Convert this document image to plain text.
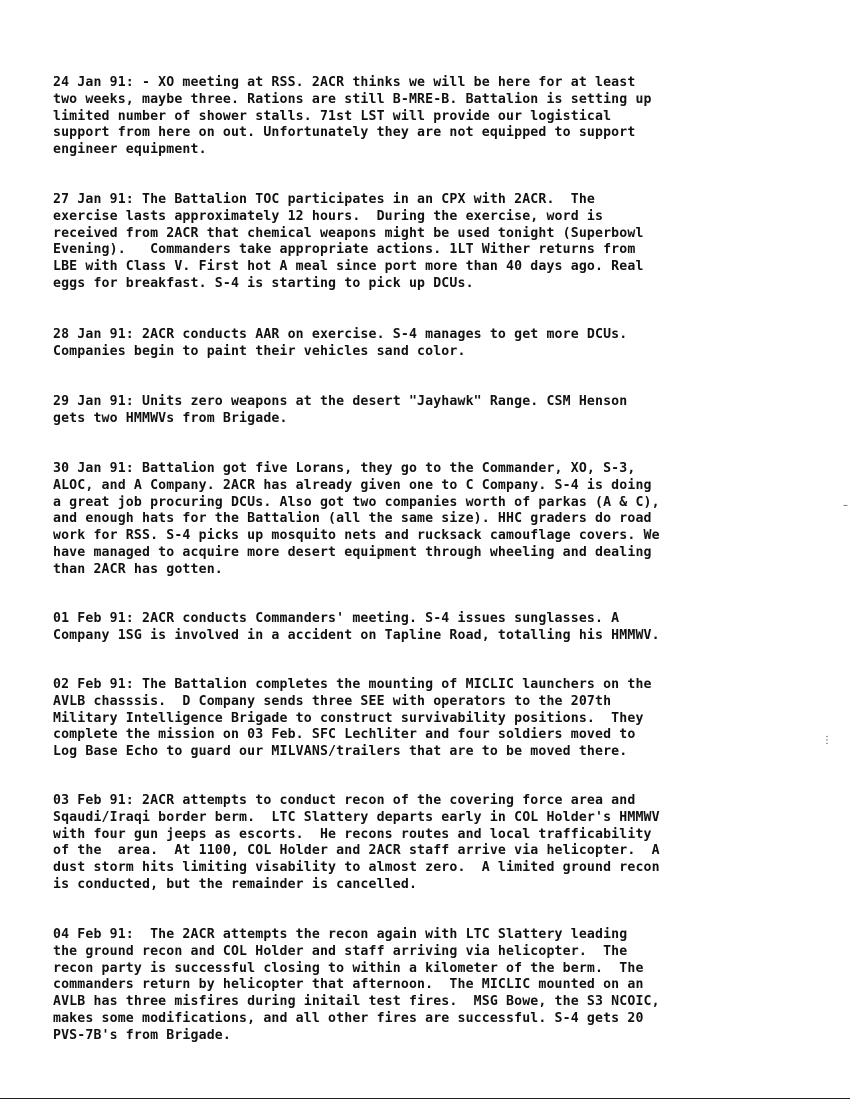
24 Jan 91: - XO meeting at RSS. 2ACR thinks we will be here for at least
two weeks, maybe three. Rations are still B-MRE-B. Battalion is setting up
limited number of shower stalls. 71st LST will provide our logistical
support from here on out. Unfortunately they are not equipped to support
engineer equipment.

27 Jan 91: The Battalion TOC participates in an CPX with 2ACR.  The
exercise lasts approximately 12 hours.  During the exercise, word is
received from 2ACR that chemical weapons might be used tonight (Superbowl
Evening).   Commanders take appropriate actions. 1LT Wither returns from
LBE with Class V. First hot A meal since port more than 40 days ago. Real
eggs for breakfast. S-4 is starting to pick up DCUs.

28 Jan 91: 2ACR conducts AAR on exercise. S-4 manages to get more DCUs.
Companies begin to paint their vehicles sand color.

29 Jan 91: Units zero weapons at the desert "Jayhawk" Range. CSM Henson
gets two HMMWVs from Brigade.

30 Jan 91: Battalion got five Lorans, they go to the Commander, XO, S-3,
ALOC, and A Company. 2ACR has already given one to C Company. S-4 is doing
a great job procuring DCUs. Also got two companies worth of parkas (A & C),
and enough hats for the Battalion (all the same size). HHC graders do road
work for RSS. S-4 picks up mosquito nets and rucksack camouflage covers. We
have managed to acquire more desert equipment through wheeling and dealing
than 2ACR has gotten.

01 Feb 91: 2ACR conducts Commanders' meeting. S-4 issues sunglasses. A
Company 1SG is involved in a accident on Tapline Road, totalling his HMMWV.

02 Feb 91: The Battalion completes the mounting of MICLIC launchers on the
AVLB chasssis.  D Company sends three SEE with operators to the 207th
Military Intelligence Brigade to construct survivability positions.  They
complete the mission on 03 Feb. SFC Lechliter and four soldiers moved to
Log Base Echo to guard our MILVANS/trailers that are to be moved there.

03 Feb 91: 2ACR attempts to conduct recon of the covering force area and
Sqaudi/Iraqi border berm.  LTC Slattery departs early in COL Holder's HMMWV
with four gun jeeps as escorts.  He recons routes and local trafficability
of the  area.  At 1100, COL Holder and 2ACR staff arrive via helicopter.  A
dust storm hits limiting visability to almost zero.  A limited ground recon
is conducted, but the remainder is cancelled.

04 Feb 91:  The 2ACR attempts the recon again with LTC Slattery leading
the ground recon and COL Holder and staff arriving via helicopter.  The
recon party is successful closing to within a kilometer of the berm.  The
commanders return by helicopter that afternoon.  The MICLIC mounted on an
AVLB has three misfires during initail test fires.  MSG Bowe, the S3 NCOIC,
makes some modifications, and all other fires are successful. S-4 gets 20
PVS-7B's from Brigade.

–
⋮
